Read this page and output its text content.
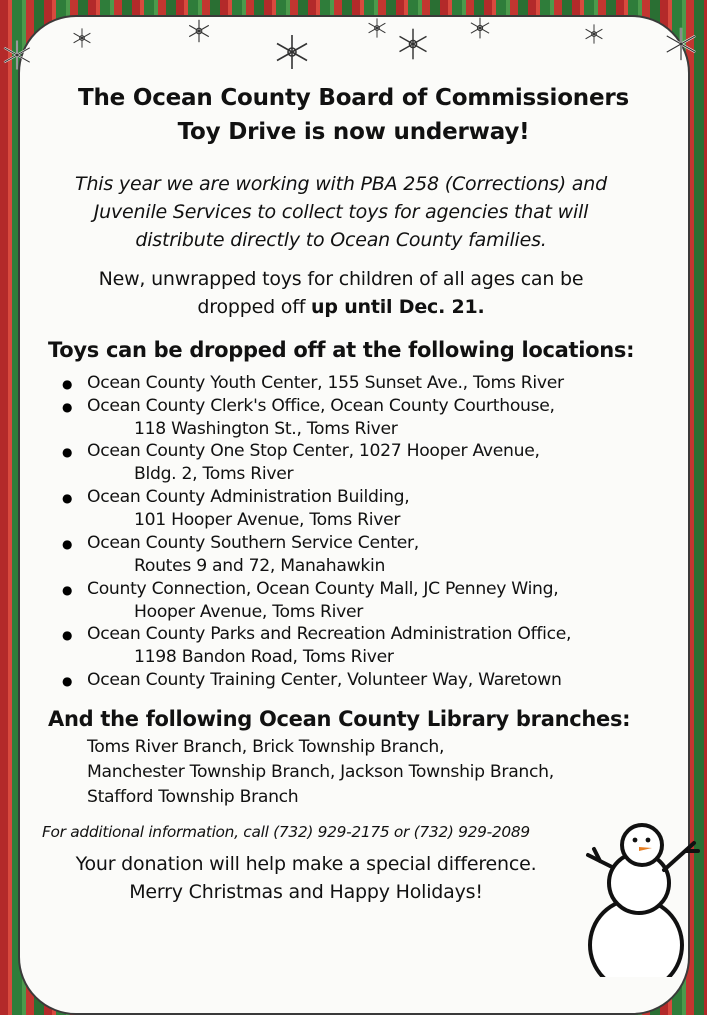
The Ocean County Board of Commissioners
Toy Drive is now underway!
This year we are working with PBA 258 (Corrections) and
Juvenile Services to collect toys for agencies that will
distribute directly to Ocean County families.
New, unwrapped toys for children of all ages can be
dropped off up until Dec. 21.
Toys can be dropped off at the following locations:
● Ocean County Youth Center, 155 Sunset Ave., Toms River
● Ocean County Clerk's Office, Ocean County Courthouse,
118 Washington St., Toms River
● Ocean County One Stop Center, 1027 Hooper Avenue,
Bldg. 2, Toms River
● Ocean County Administration Building,
101 Hooper Avenue, Toms River
● Ocean County Southern Service Center,
Routes 9 and 72, Manahawkin
● County Connection, Ocean County Mall, JC Penney Wing,
Hooper Avenue, Toms River
● Ocean County Parks and Recreation Administration Office,
1198 Bandon Road, Toms River
● Ocean County Training Center, Volunteer Way, Waretown
And the following Ocean County Library branches:
Toms River Branch, Brick Township Branch,
Manchester Township Branch, Jackson Township Branch,
Stafford Township Branch
For additional information, call (732) 929-2175 or (732) 929-2089
Your donation will help make a special difference.
Merry Christmas and Happy Holidays!
